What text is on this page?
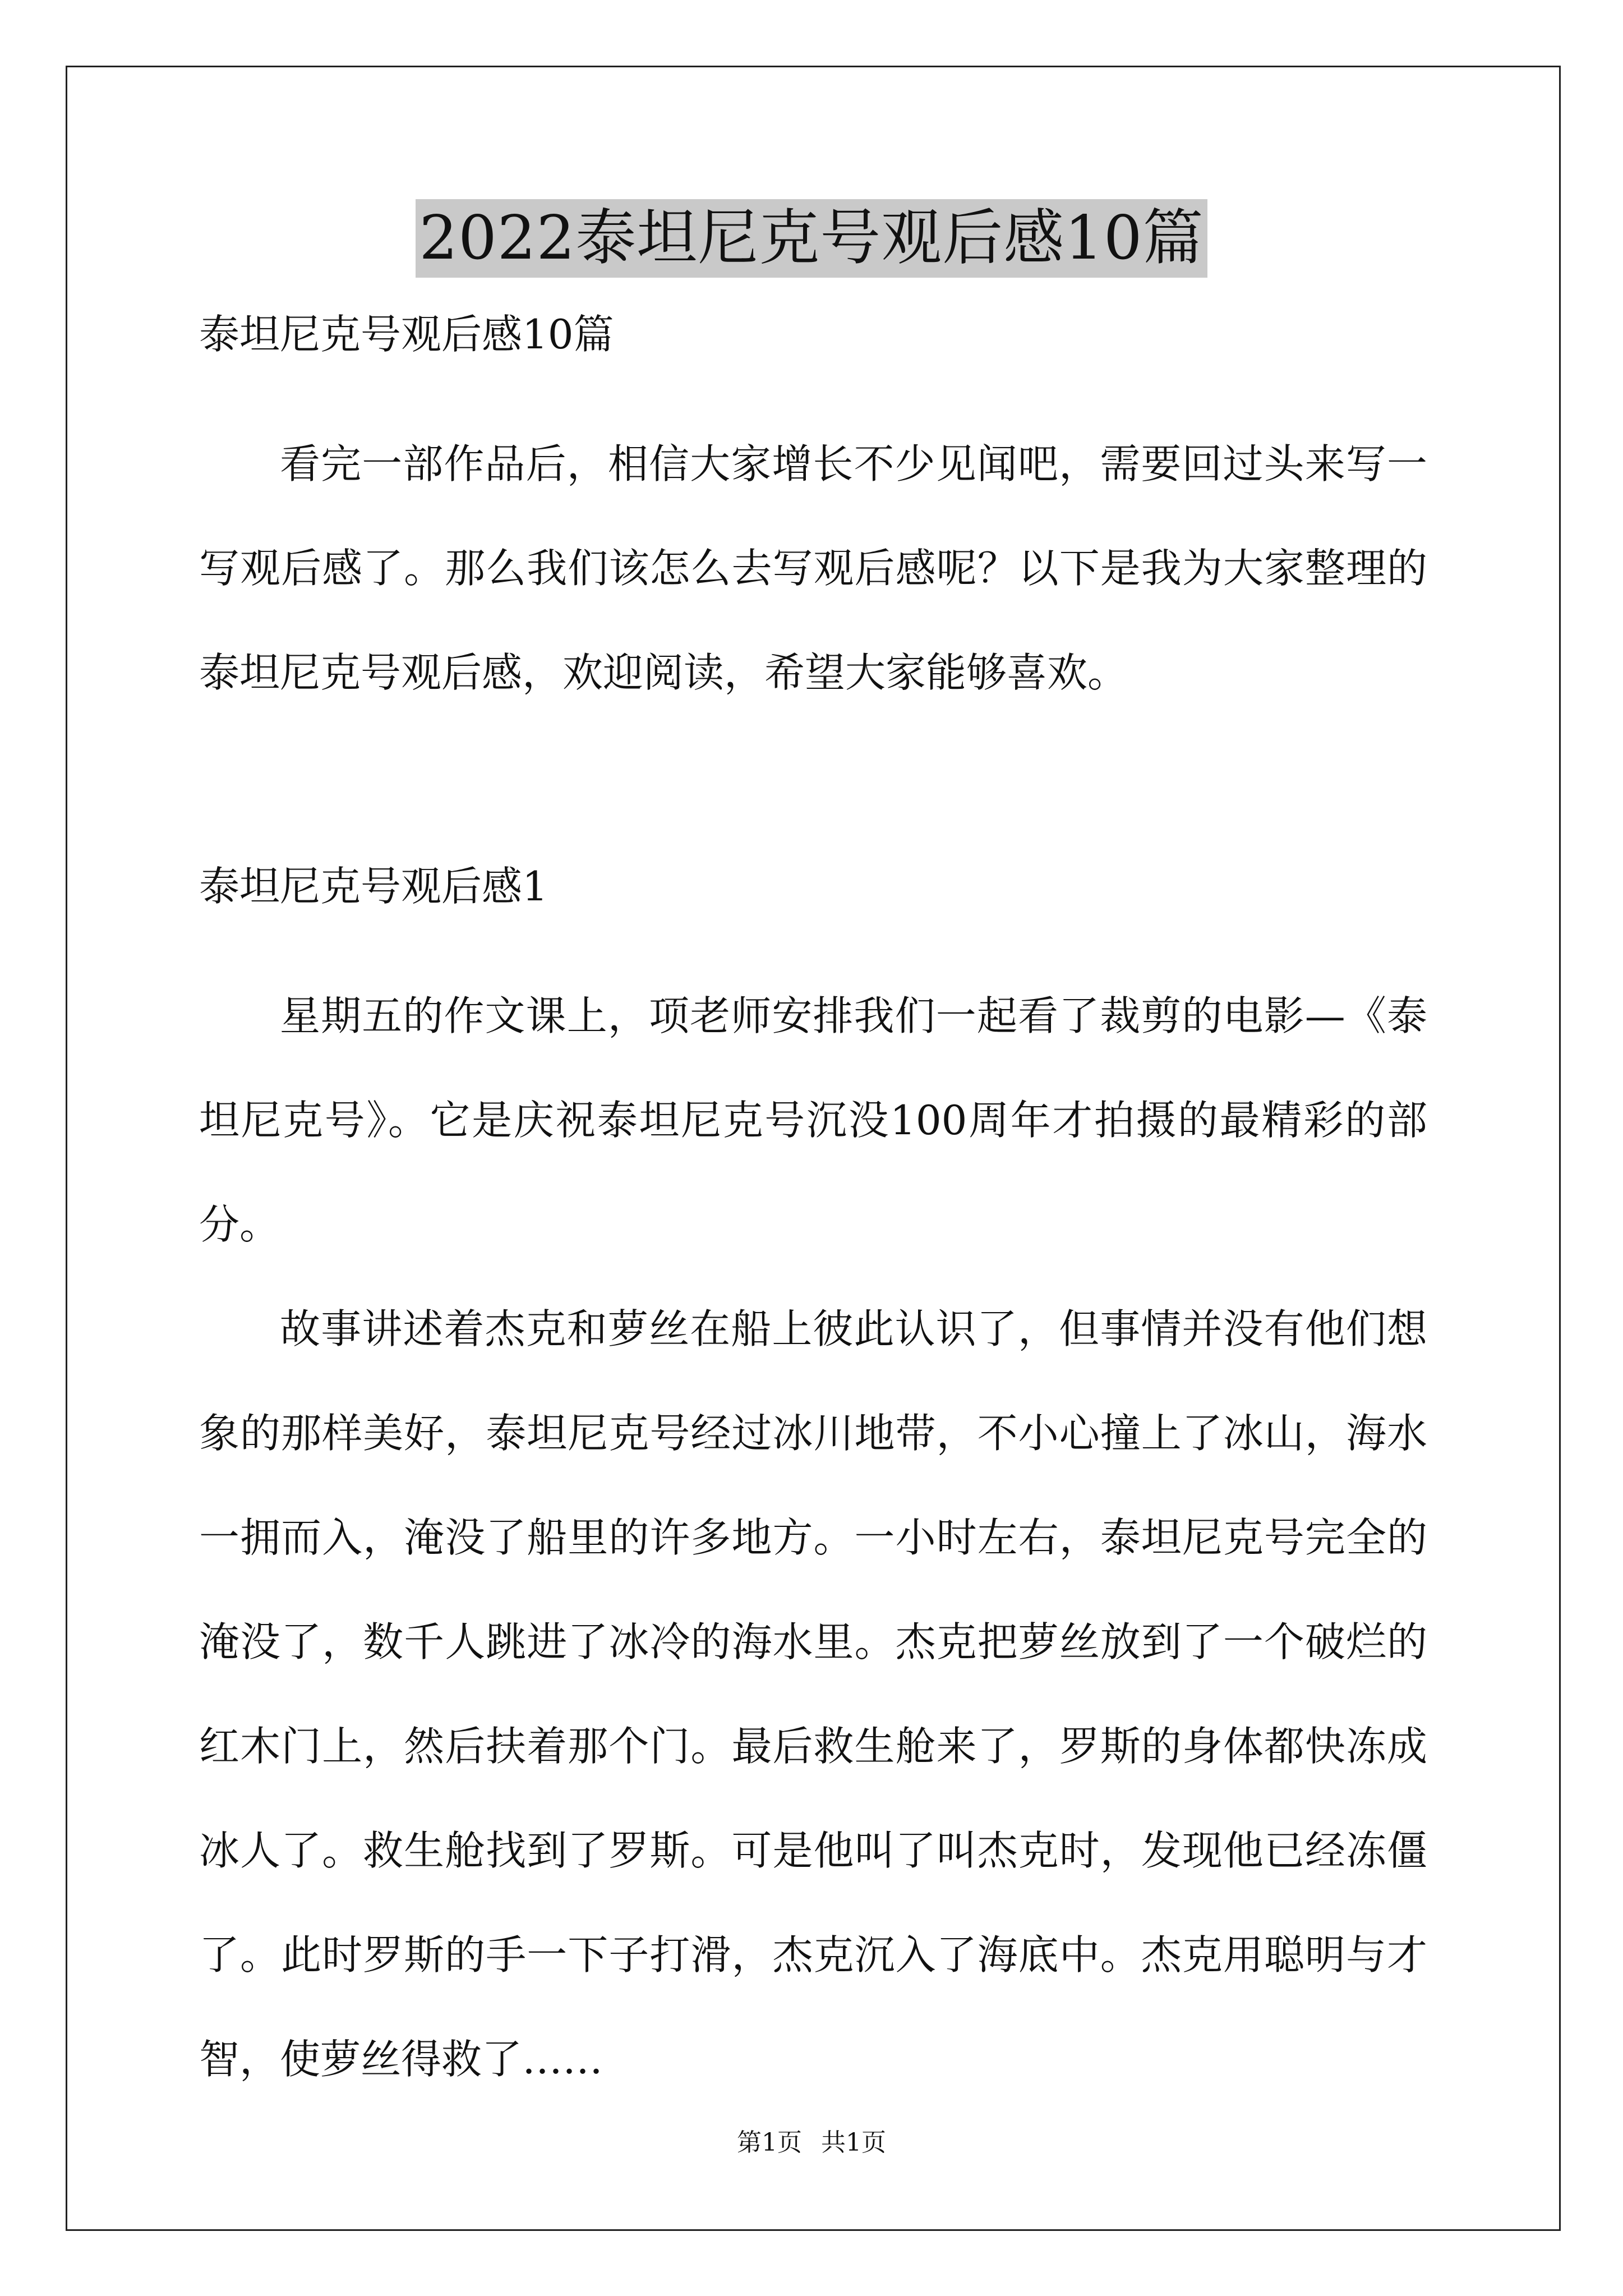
2022泰坦尼克号观后感10篇

泰坦尼克号观后感10篇

看完一部作品后，相信大家增长不少见闻吧，需要回过头来写一写观后感了。那么我们该怎么去写观后感呢？以下是我为大家整理的泰坦尼克号观后感，欢迎阅读，希望大家能够喜欢。

泰坦尼克号观后感1

星期五的作文课上，项老师安排我们一起看了裁剪的电影—《泰坦尼克号》。它是庆祝泰坦尼克号沉没100周年才拍摄的最精彩的部分。

故事讲述着杰克和萝丝在船上彼此认识了，但事情并没有他们想象的那样美好，泰坦尼克号经过冰川地带，不小心撞上了冰山，海水一拥而入，淹没了船里的许多地方。一小时左右，泰坦尼克号完全的淹没了，数千人跳进了冰冷的海水里。杰克把萝丝放到了一个破烂的红木门上，然后扶着那个门。最后救生舱来了，罗斯的身体都快冻成冰人了。救生舱找到了罗斯。可是他叫了叫杰克时，发现他已经冻僵了。此时罗斯的手一下子打滑，杰克沉入了海底中。杰克用聪明与才智，使萝丝得救了……

第1页 共1页
